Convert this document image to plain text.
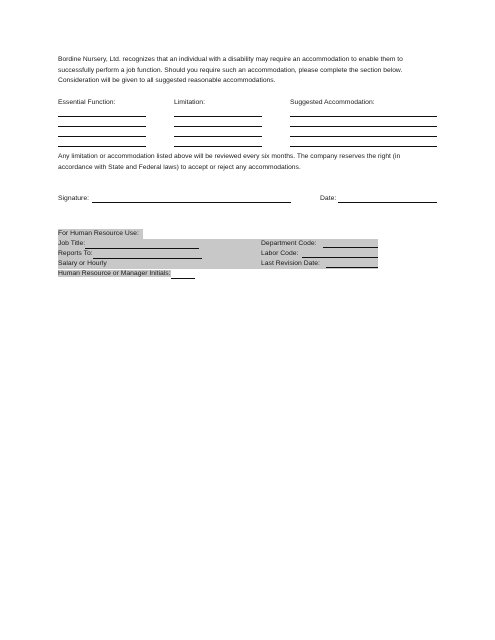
Bordine Nursery, Ltd. recognizes that an individual with a disability may require an accommodation to enable them to successfully perform a job function. Should you require such an accommodation, please complete the section below. Consideration will be given to all suggested reasonable accommodations.
Essential Function:	Limitation:	Suggested Accommodation:
Any limitation or accommodation listed above will be reviewed every six months. The company reserves the right (in accordance with State and Federal laws) to accept or reject any accommodations.
Signature:	Date:
For Human Resource Use:
Job Title:	Department Code:
Reports To:	Labor Code:
Salary or Hourly	Last Revision Date:
Human Resource or Manager Initials:
